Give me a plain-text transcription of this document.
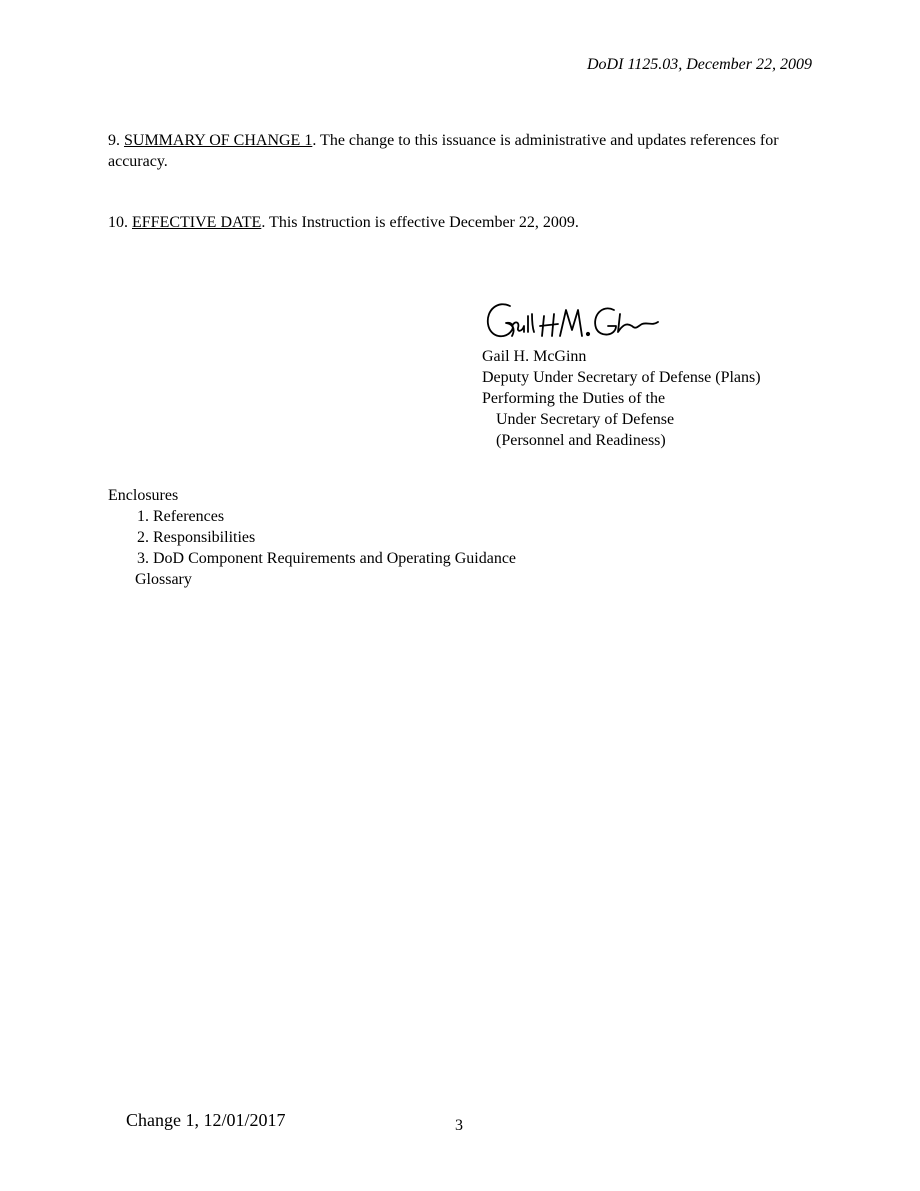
DoDI 1125.03, December 22, 2009
9. SUMMARY OF CHANGE 1. The change to this issuance is administrative and updates references for accuracy.
10. EFFECTIVE DATE. This Instruction is effective December 22, 2009.
Gail H. McGinn
Deputy Under Secretary of Defense (Plans)
Performing the Duties of the
Under Secretary of Defense
(Personnel and Readiness)
Enclosures
1. References
2. Responsibilities
3. DoD Component Requirements and Operating Guidance
Glossary
Change 1, 12/01/2017	3
